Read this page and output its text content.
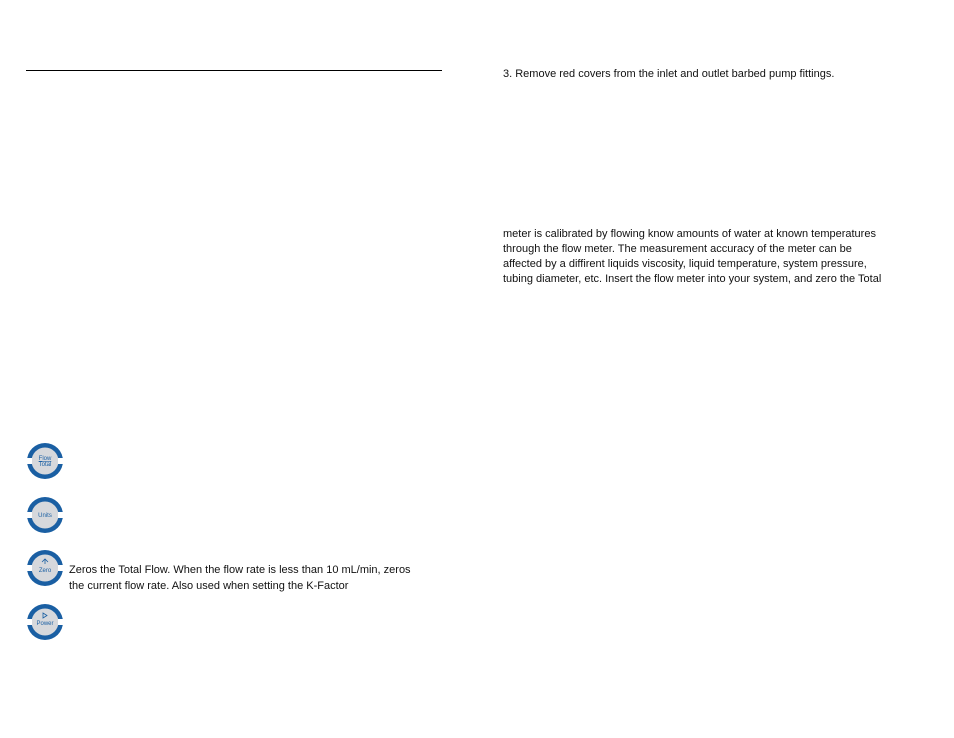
3. Remove red covers from the inlet and outlet barbed pump fittings.

meter is calibrated by flowing know amounts of water at known temperatures

through the flow meter. The measurement accuracy of the meter can be

affected by a diffirent liquids viscosity, liquid temperature, system pressure,

tubing diameter, etc. Insert the flow meter into your system, and zero the Total

Flow
Total
Units
Zero Zeros the Total Flow. When the flow rate is less than 10 mL/min, zeros

the current flow rate. Also used when setting the K-Factor

Power
